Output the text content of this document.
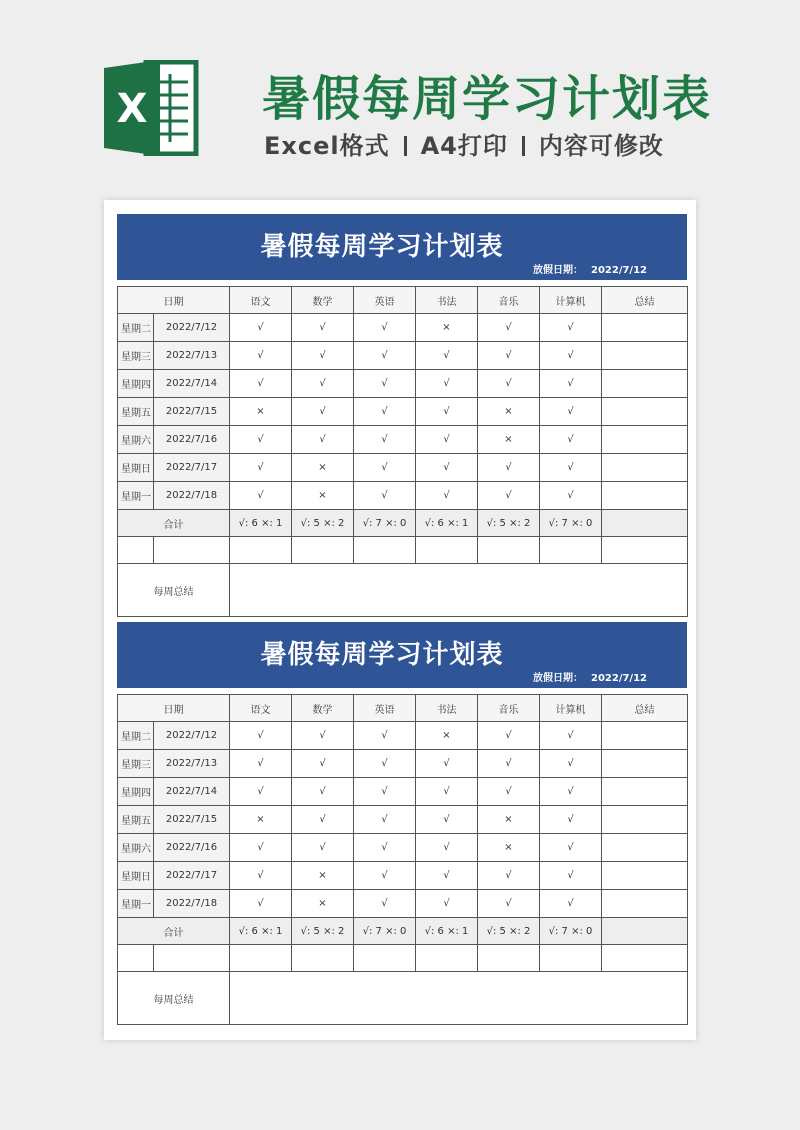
X 暑假每周学习计划表
Excel格式 A4打印 内容可修改
暑假每周学习计划表
放假日期： 2022/7/12
日期		语文	数学	英语	书法	音乐	计算机	总结
星期二	2022/7/12	√	√	√	×	√	√	
星期三	2022/7/13	√	√	√	√	√	√	
星期四	2022/7/14	√	√	√	√	√	√	
星期五	2022/7/15	×	√	√	√	×	√	
星期六	2022/7/16	√	√	√	√	×	√	
星期日	2022/7/17	√	×	√	√	√	√	
星期一	2022/7/18	√	×	√	√	√	√	
合计		√: 6 ×: 1	√: 5 ×: 2	√: 7 ×: 0	√: 6 ×: 1	√: 5 ×: 2	√: 7 ×: 0	

每周总结								
暑假每周学习计划表
放假日期： 2022/7/12
日期		语文	数学	英语	书法	音乐	计算机	总结
星期二	2022/7/12	√	√	√	×	√	√	
星期三	2022/7/13	√	√	√	√	√	√	
星期四	2022/7/14	√	√	√	√	√	√	
星期五	2022/7/15	×	√	√	√	×	√	
星期六	2022/7/16	√	√	√	√	×	√	
星期日	2022/7/17	√	×	√	√	√	√	
星期一	2022/7/18	√	×	√	√	√	√	
合计		√: 6 ×: 1	√: 5 ×: 2	√: 7 ×: 0	√: 6 ×: 1	√: 5 ×: 2	√: 7 ×: 0	

每周总结								
